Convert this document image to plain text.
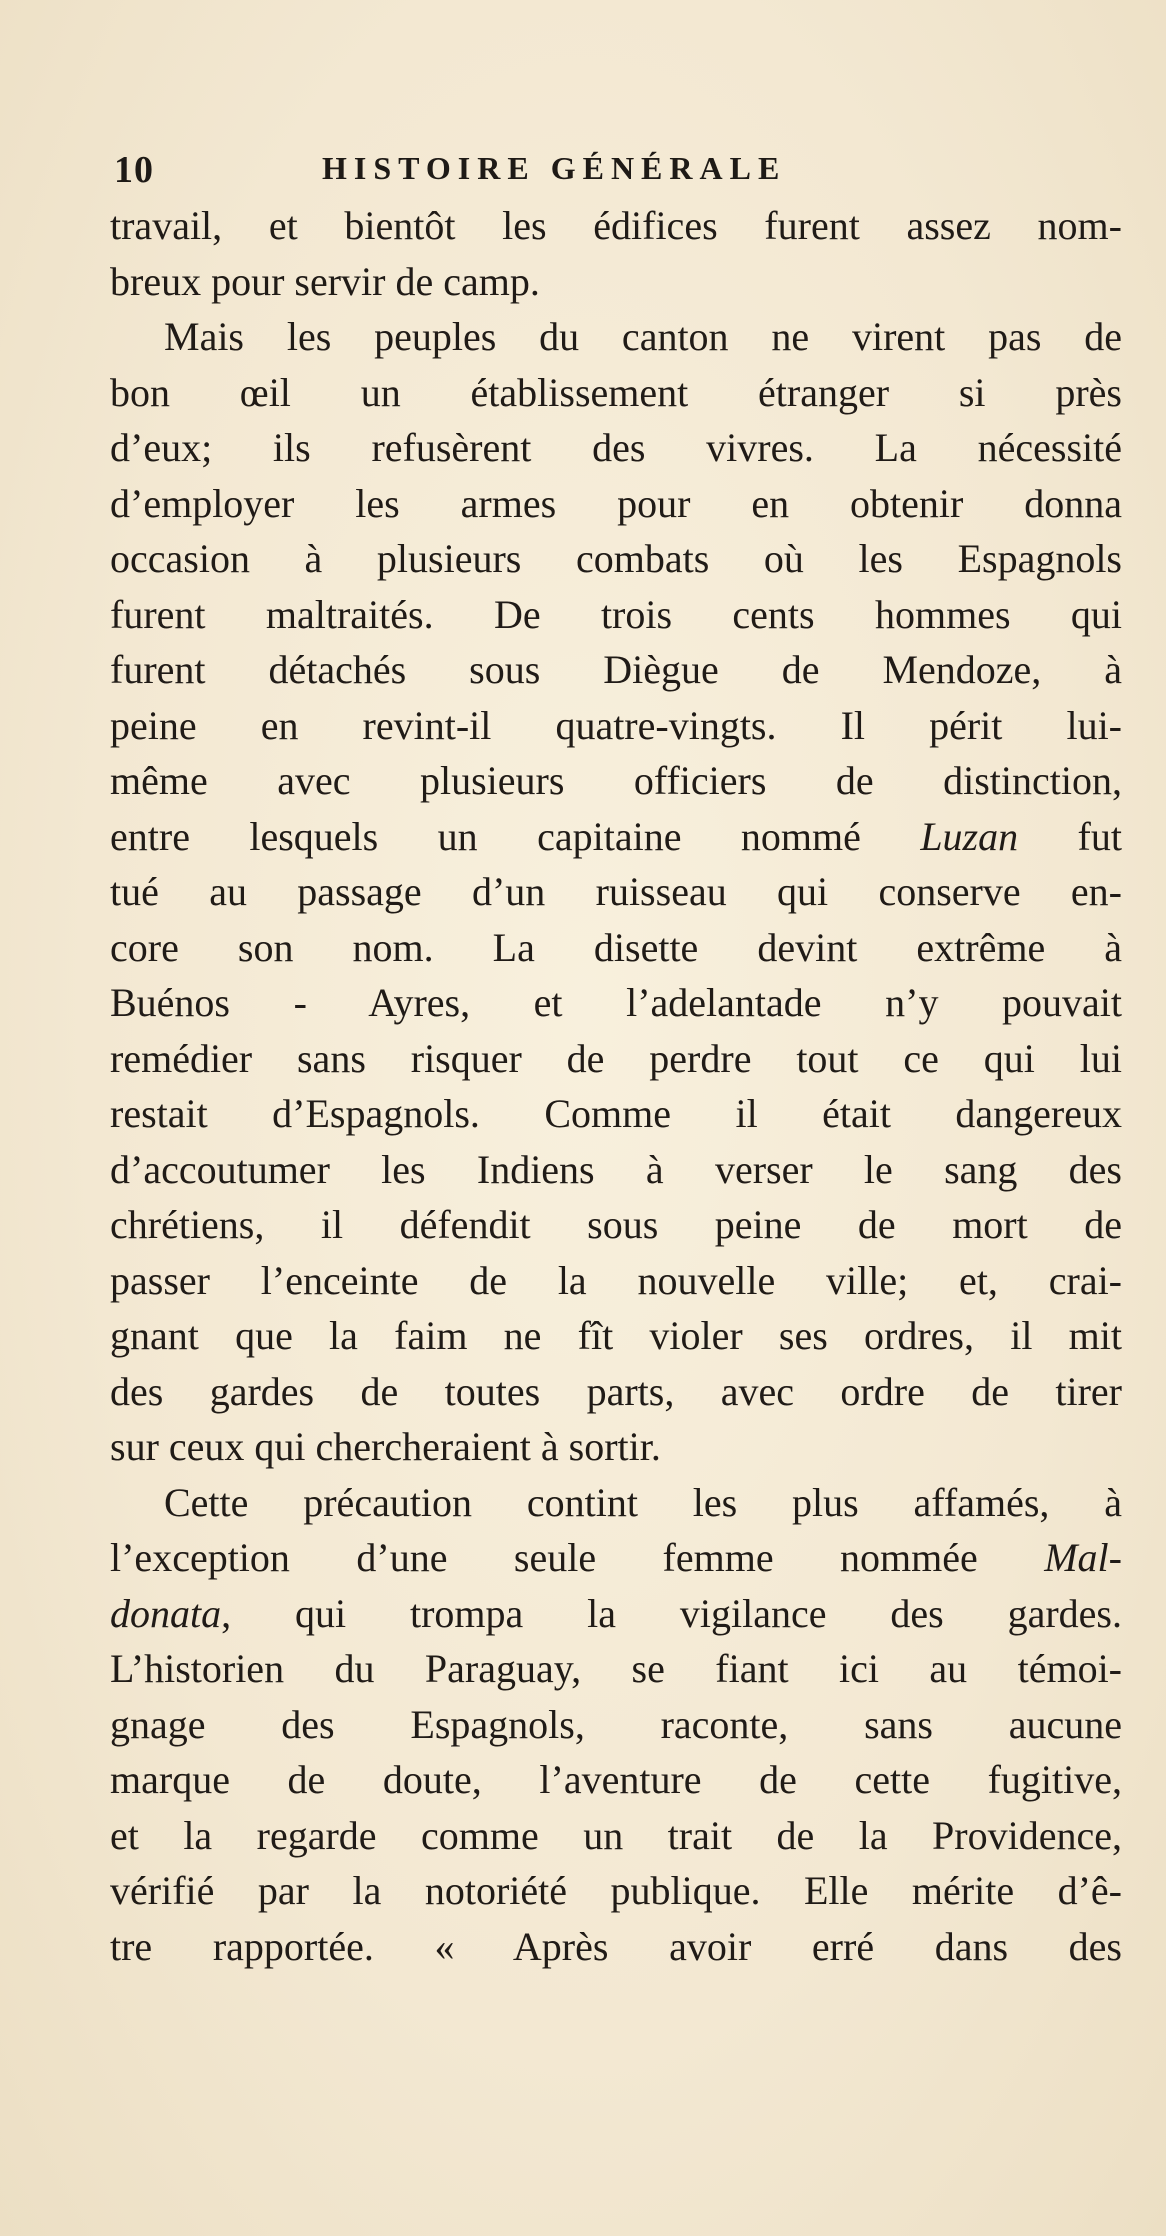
10	HISTOIRE GÉNÉRALE
travail, et bientôt les édifices furent assez nom-
breux pour servir de camp.
Mais les peuples du canton ne virent pas de
bon œil un établissement étranger si près
d’eux; ils refusèrent des vivres. La nécessité
d’employer les armes pour en obtenir donna
occasion à plusieurs combats où les Espagnols
furent maltraités. De trois cents hommes qui
furent détachés sous Diègue de Mendoze, à
peine en revint-il quatre-vingts. Il périt lui-
même avec plusieurs officiers de distinction,
entre lesquels un capitaine nommé Luzan fut
tué au passage d’un ruisseau qui conserve en-
core son nom. La disette devint extrême à
Buénos - Ayres, et l’adelantade n’y pouvait
remédier sans risquer de perdre tout ce qui lui
restait d’Espagnols. Comme il était dangereux
d’accoutumer les Indiens à verser le sang des
chrétiens, il défendit sous peine de mort de
passer l’enceinte de la nouvelle ville; et, crai-
gnant que la faim ne fît violer ses ordres, il mit
des gardes de toutes parts, avec ordre de tirer
sur ceux qui chercheraient à sortir.
Cette précaution contint les plus affamés, à
l’exception d’une seule femme nommée Mal-
donata, qui trompa la vigilance des gardes.
L’historien du Paraguay, se fiant ici au témoi-
gnage des Espagnols, raconte, sans aucune
marque de doute, l’aventure de cette fugitive,
et la regarde comme un trait de la Providence,
vérifié par la notoriété publique. Elle mérite d’ê-
tre rapportée. « Après avoir erré dans des
